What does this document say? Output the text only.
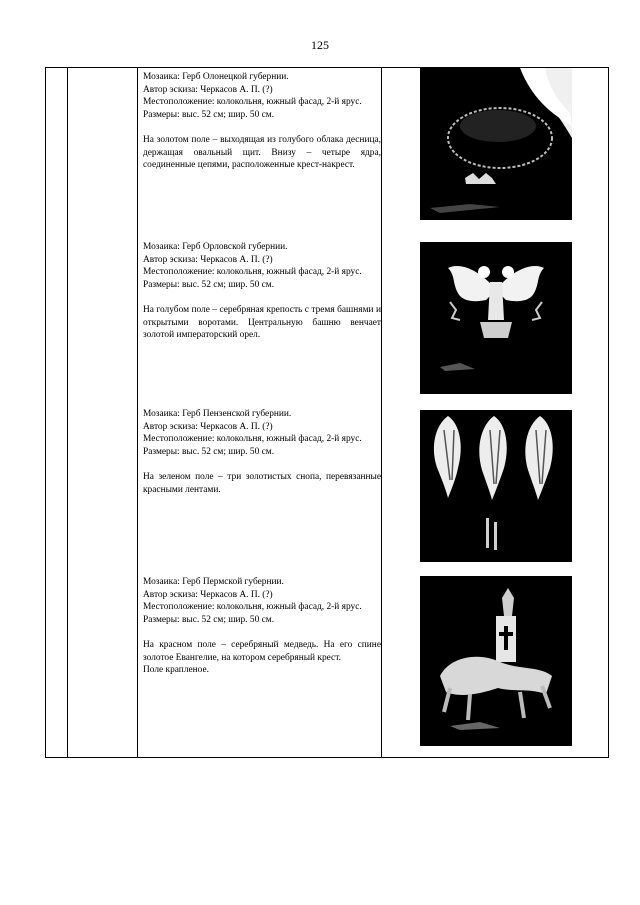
125
Мозаика: Герб Олонецкой губернии.
Автор эскиза: Черкасов А. П. (?)
Местоположение: колокольня, южный фасад, 2-й ярус.
Размеры: выс. 52 см; шир. 50 см.
На золотом поле – выходящая из голубого облака десница, держащая овальный щит. Внизу – четыре ядра, соединенные цепями, расположенные крест-накрест.
Мозаика: Герб Орловской губернии.
Автор эскиза: Черкасов А. П. (?)
Местоположение: колокольня, южный фасад, 2-й ярус.
Размеры: выс. 52 см; шир. 50 см.
На голубом поле – серебряная крепость с тремя башнями и открытыми воротами. Центральную башню венчает золотой императорский орел.
Мозаика: Герб Пензенской губернии.
Автор эскиза: Черкасов А. П. (?)
Местоположение: колокольня, южный фасад, 2-й ярус.
Размеры: выс. 52 см; шир. 50 см.
На зеленом поле – три золотистых снопа, перевязанные красными лентами.
Мозаика: Герб Пермской губернии.
Автор эскиза: Черкасов А. П. (?)
Местоположение: колокольня, южный фасад, 2-й ярус.
Размеры: выс. 52 см; шир. 50 см.
На красном поле – серебряный медведь. На его спине золотое Евангелие, на котором серебряный крест.
Поле крапленое.
